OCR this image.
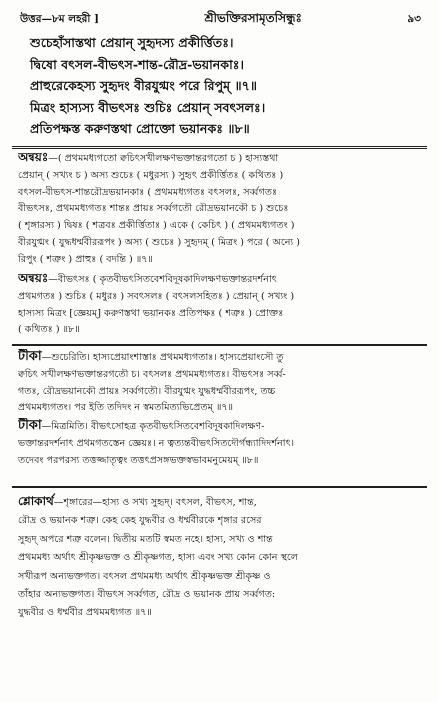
উত্তর—৮ম লহরী ]	শ্রীভক্তিরসামৃতসিন্ধুঃ	৯৩
শুচেহাঁসাস্তথা প্রেয়ান্ সুহৃদস্য প্রকীর্ত্তিতঃ।
দ্বিষো বৎসল-বীভৎস-শান্ত-রৌদ্র-ভয়ানকাঃ।
প্রাহুরেকেহস্য সুহৃদং বীরযুগ্মং পরে রিপুম্ ॥৭॥
মিত্রং হাস্যস্য বীভৎসঃ শুচিঃ প্রেয়ান্ সবৎসলঃ।
প্রতিপক্ষস্ত করুণস্তথা প্রোক্তো ভয়ানকঃ ॥৮॥

অন্বয়ঃ—( প্রথমমধ্যগতো ক্বচিৎসখীলক্ষণভক্তান্তরগতো চ ) হাস্যস্তথা

প্রেয়ান্ ( সখ্যং চ ) অস্য শুচেঃ ( মধুরস্য ) সুহৃৎ প্রকীর্ত্তিতঃ ( কথিতঃ )

বৎসল-বীভৎস-শান্তরৌদ্রভয়ানকাঃ ( প্রথমমধ্যগতঃ বৎসলঃ, সর্ব্বগতঃ

বীভৎসঃ, প্রথমমধ্যগতঃ শান্তঃ প্রায়ঃ সর্ব্বগতৌ রৌদ্রভয়ানকৌ চ ) শুচেঃ

( শৃঙ্গারস্য ) দ্বিষঃ ( শত্রবঃ প্রকীর্ত্তিতাঃ ) একে ( কেচিৎ ) ( প্রথমমধ্যগতং )

বীরযুগ্মং ( যুদ্ধধর্ম্মবীররূপং ) অস্য ( শুচেঃ ) সুহৃদম্ ( মিত্রং ) পরে ( অন্যে )

রিপুং ( শত্রুং ) প্রাহুঃ ( বদন্তি ) ॥৭॥

অন্বয়ঃ—বীভৎসঃ ( কৃতবীভৎসিতবেশবিদূষকাদিলক্ষণভক্তান্তরদর্শনাৎ

প্রথমগতঃ ) শুচিঃ ( মধুরঃ ) সবৎসলঃ ( বৎসলসহিতঃ ) প্রেয়ান্ ( সখ্যং )

হাস্যস্য মিত্রং [জ্ঞেয়ম্] করুণস্তথা ভয়ানকঃ প্রতিপক্ষঃ ( শত্রুঃ ) প্রোক্তঃ

( কথিতঃ ) ॥৮॥

টীকা—শুচেরিতি। হাস্যপ্রেয়াংশাস্তাঃ প্রথমমধ্যগতাঃ। হাস্যপ্রেয়াংসৌ তু

ক্বচিৎ সখীলক্ষণভক্তান্তরগতৌ চ। বৎসলঃ প্রথমমধ্যগতঃ। বীভৎসঃ সর্ব্ব-

গতঃ, রৌদ্রভয়ানকৌ প্রায়ঃ সর্ব্বগতৌ। বীরযুগ্মং যুদ্ধধর্ম্মবীররূপং, তচ্চ

প্রথমমধ্যগতং। পর ইতি তদিদং ন স্বমতমিত্যভিপ্রেতম্ ॥৭॥

টীকা—মিত্রমিতি। বীভৎসোহত্র কৃতবীভৎসিতবেশবিদূষকাদিলক্ষণ-

ভক্তান্তরদর্শনাৎ প্রথমগতস্তেন জ্ঞেয়ঃ। ন ত্বত্যন্তবীভৎসিতদৌর্গন্ধ্যাদিদর্শনাৎ।

তদেবং পরপরস্য তত্তজ্জাতৃত্বং তত্তৎপ্রসঙ্গভক্তস্বভাবমনুমেয়ম্ ॥৮॥

শ্লোকার্থ—শৃঙ্গারের—হাস্য ও সখ্য সুহৃদ্। বৎসল, বীভৎস, শান্ত,

রৌদ্র ও ভয়ানক শত্রু। কেহ কেহ যুদ্ধবীর ও ধর্ম্মবীরকে শৃঙ্গার রসের

সুহৃদ্ অপরে শত্রু বলেন। দ্বিতীয় মতটি স্বমত নহে। হাস্য, সখ্য ও শান্ত

প্রথমমধ্য অর্থাৎ শ্রীকৃষ্ণভক্ত ও শ্রীকৃষ্ণগত, হাস্য এবং সখ্য কোন কোন স্থলে

সখীরূপ অন্যভক্তগত। বৎসল প্রথমমধ্য অর্থাৎ শ্রীকৃষ্ণভক্ত শ্রীকৃষ্ণ ও

তাঁহার অন্যভক্তগত। বীভৎস সর্ব্বগত, রৌদ্র ও ভয়ানক প্রায় সর্ব্বগত:

যুদ্ধবীর ও ধর্ম্মবীর প্রথমমধ্যগত ॥৭॥
